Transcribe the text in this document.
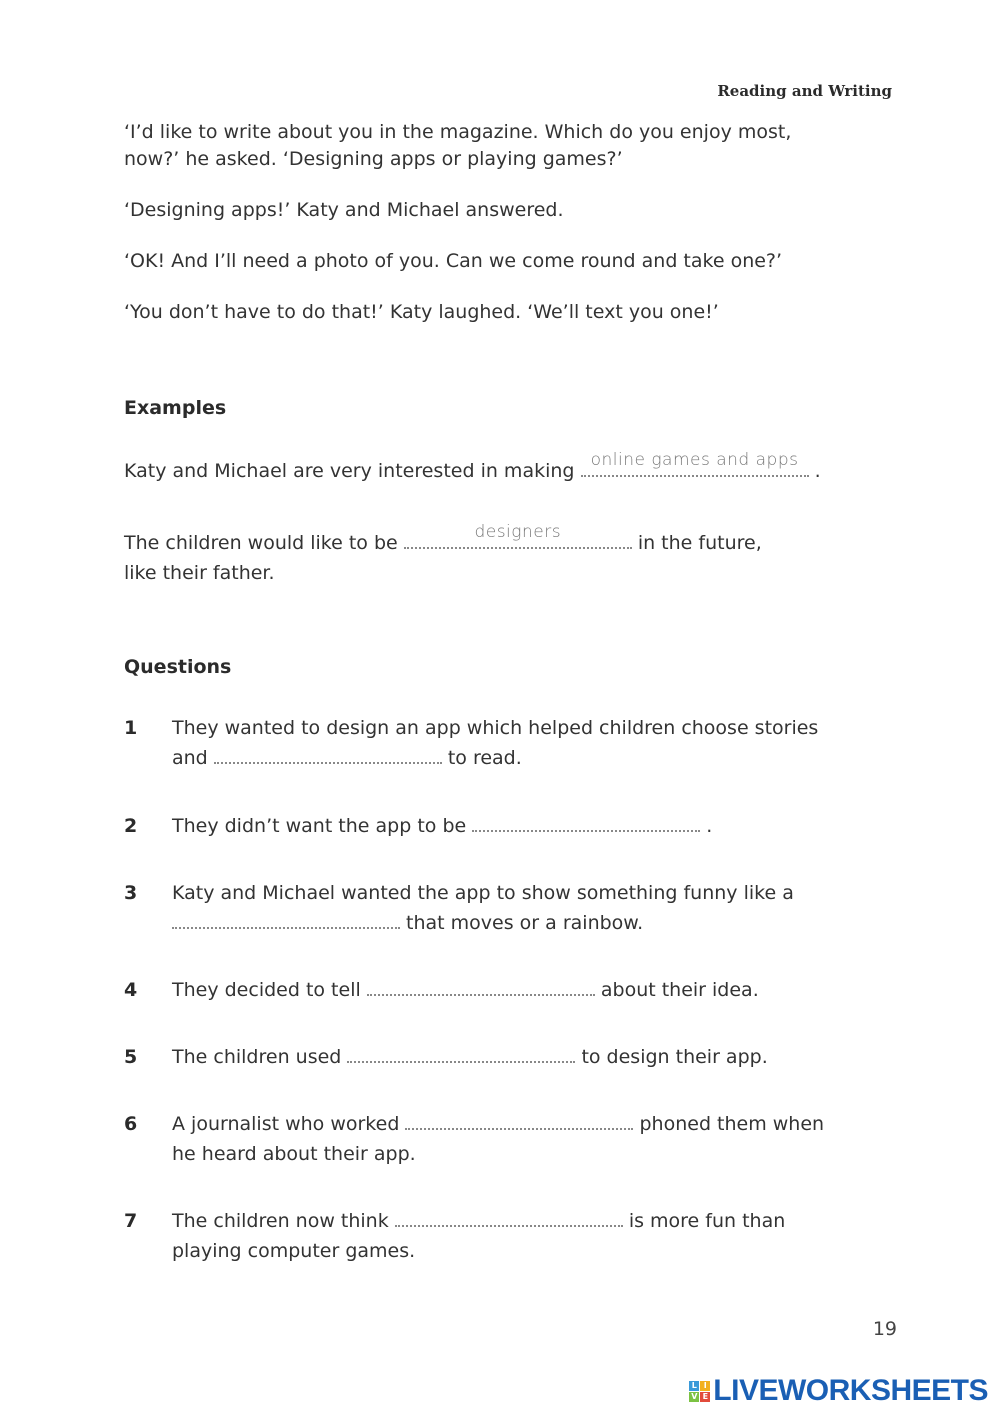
Reading and Writing

‘I’d like to write about you in the magazine. Which do you enjoy most, now?’ he asked. ‘Designing apps or playing games?’

‘Designing apps!’ Katy and Michael answered.

‘OK! And I’ll need a photo of you. Can we come round and take one?’

‘You don’t have to do that!’ Katy laughed. ‘We’ll text you one!’

Examples
Katy and Michael are very interested in making online games and apps .
The children would like to be	designers	in the future,
like their father.
Questions
1 They wanted to design an app which helped children choose stories
and	to read.
2 They didn’t want the app to be	.
3 Katy and Michael wanted the app to show something funny like a
that moves or a rainbow.
4 They decided to tell	about their idea.
5 The children used	to design their app.
6 A journalist who worked	phoned them when
he heard about their app.
7 The children now think	is more fun than
playing computer games.
19
L I
V E LIVEWORKSHEETS
